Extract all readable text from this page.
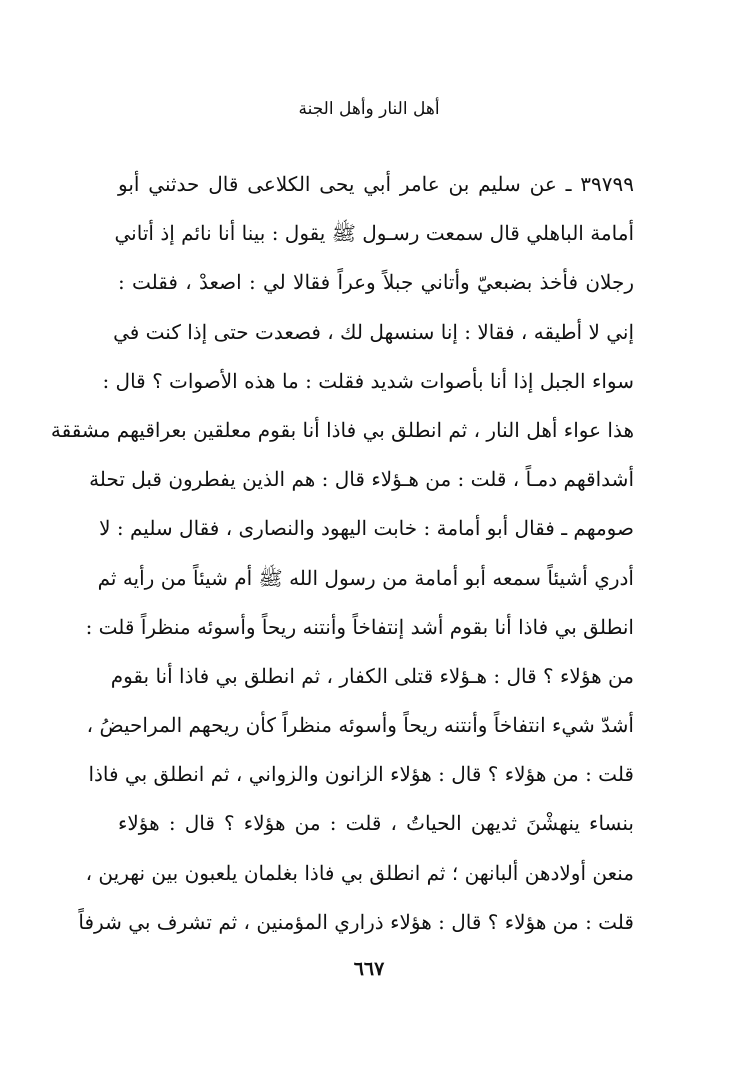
أهل النار وأهل الجنة
٣٩٧٩٩ ـ عن سليم بن عامر أبي يحى الكلاعى قال حدثني أبو
أمامة الباهلي قال سمعت رسـول ﷺ يقول : بينا أنا نائم إذ أتاني
رجلان فأخذ بضبعيّ وأتاني جبلاً وعراً فقالا لي : اصعدْ ، فقلت :
إني لا أطيقه ، فقالا : إنا سنسهل لك ، فصعدت حتى إذا كنت في
سواء الجبل إذا أنا بأصوات شديد فقلت : ما هذه الأصوات ؟ قال :
هذا عواء أهل النار ، ثم انطلق بي فاذا أنا بقوم معلقين بعراقيهم مشققة
أشداقهم دمـاً ، قلت : من هـؤلاء قال : هم الذين يفطرون قبل تحلة
صومهم ـ فقال أبو أمامة : خابت اليهود والنصارى ، فقال سليم : لا
أدري أشيئاً سمعه أبو أمامة من رسول الله ﷺ أم شيئاً من رأيه ثم
انطلق بي فاذا أنا بقوم أشد إنتفاخاً وأنتنه ريحاً وأسوئه منظراً قلت :
من هؤلاء ؟ قال : هـؤلاء قتلى الكفار ، ثم انطلق بي فاذا أنا بقوم
أشدّ شيء انتفاخاً وأنتنه ريحاً وأسوئه منظراً كأن ريحهم المراحيضُ ،
قلت : من هؤلاء ؟ قال : هؤلاء الزانون والزواني ، ثم انطلق بي فاذا
بنساء ينهشْنَ ثديهن الحياتُ ، قلت : من هؤلاء ؟ قال : هؤلاء
منعن أولادهن ألبانهن ؛ ثم انطلق بي فاذا بغلمان يلعبون بين نهرين ،
قلت : من هؤلاء ؟ قال : هؤلاء ذراري المؤمنين ، ثم تشرف بي شرفاً
٦٦٧
